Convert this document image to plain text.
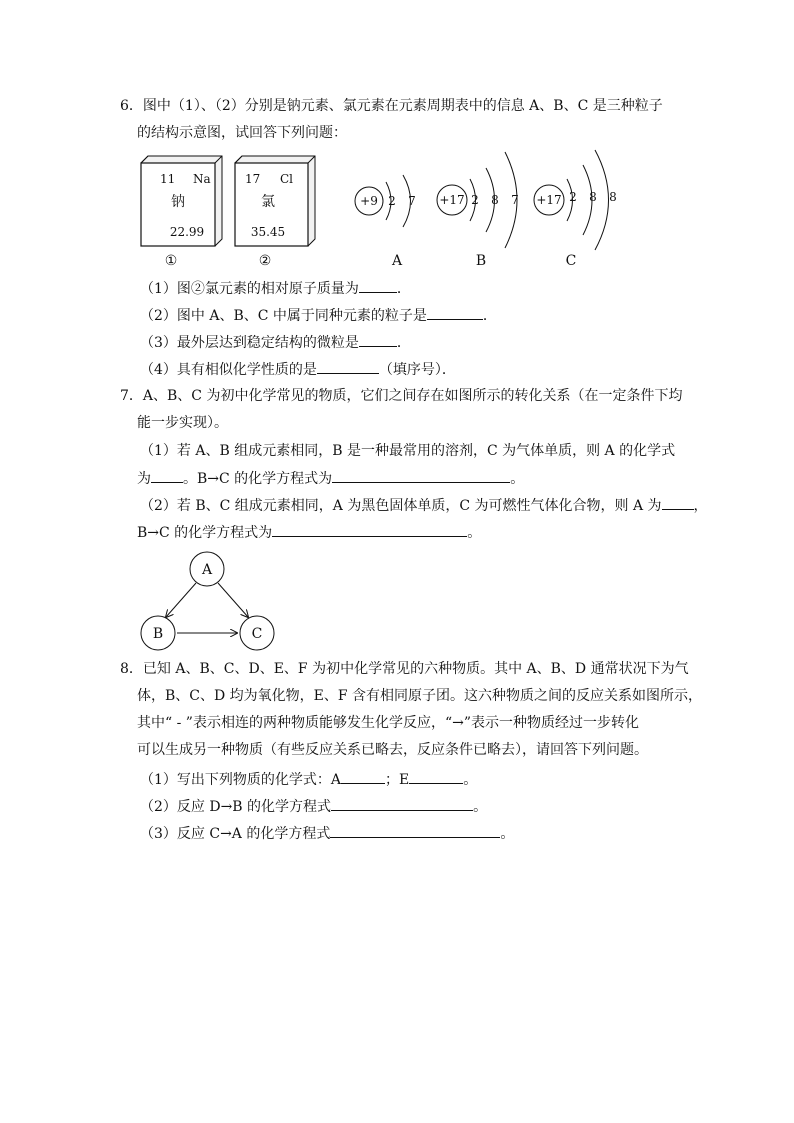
6．图中（1）、（2）分别是钠元素、氯元素在元素周期表中的信息 A、B、C 是三种粒子
的结构示意图，试回答下列问题：
11 Na
钠
22.99
①
17 Cl
氯
35.45
②
+9 2 7
A
+17 2 8 7
B
+17 2 8 8
C
（1）图②氯元素的相对原子质量为	．
（2）图中 A、B、C 中属于同种元素的粒子是	．
（3）最外层达到稳定结构的微粒是	．
（4）具有相似化学性质的是	（填序号）．
7．A、B、C 为初中化学常见的物质，它们之间存在如图所示的转化关系（在一定条件下均
能一步实现）。
（1）若 A、B 组成元素相同，B 是一种最常用的溶剂，C 为气体单质，则 A 的化学式
为 。B→C 的化学方程式为	。
（2）若 B、C 组成元素相同，A 为黑色固体单质，C 为可燃性气体化合物，则 A 为 ，
B→C 的化学方程式为	。
A
B	C
8．已知 A、B、C、D、E、F 为初中化学常见的六种物质。其中 A、B、D 通常状况下为气
体，B、C、D 均为氧化物，E、F 含有相同原子团。这六种物质之间的反应关系如图所示，
其中“ - ”表示相连的两种物质能够发生化学反应，“→”表示一种物质经过一步转化
可以生成另一种物质（有些反应关系已略去，反应条件已略去），请回答下列问题。
（1）写出下列物质的化学式：A	；E	。
（2）反应 D→B 的化学方程式	。
（3）反应 C→A 的化学方程式	。
